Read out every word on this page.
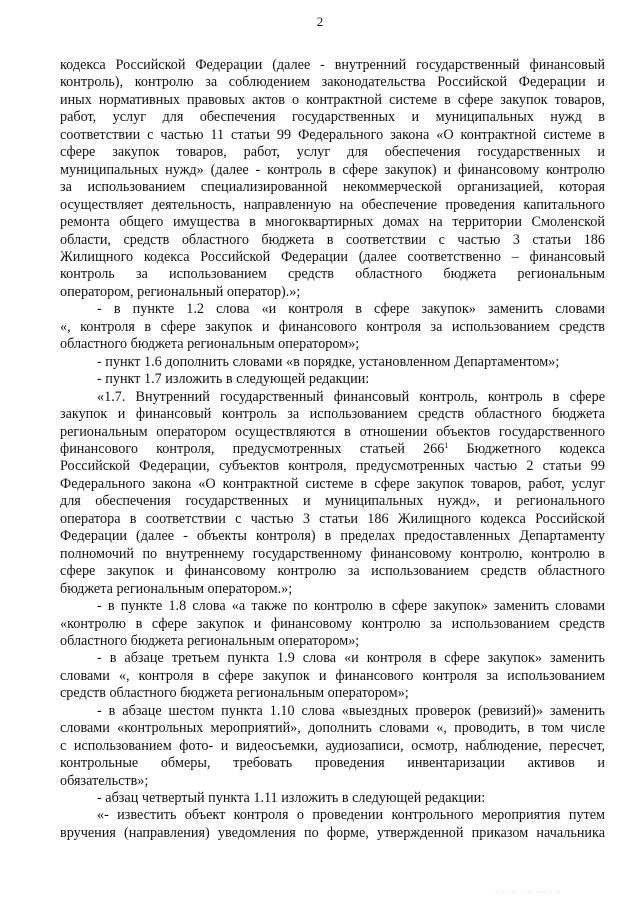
2

кодекса Российской Федерации (далее - внутренний государственный финансовый

контроль), контролю за соблюдением законодательства Российской Федерации и

иных нормативных правовых актов о контрактной системе в сфере закупок товаров,

работ, услуг для обеспечения государственных и муниципальных нужд в

соответствии с частью 11 статьи 99 Федерального закона «О контрактной системе в

сфере закупок товаров, работ, услуг для обеспечения государственных и

муниципальных нужд» (далее - контроль в сфере закупок) и финансовому контролю

за использованием специализированной некоммерческой организацией, которая

осуществляет деятельность, направленную на обеспечение проведения капитального

ремонта общего имущества в многоквартирных домах на территории Смоленской

области, средств областного бюджета в соответствии с частью 3 статьи 186

Жилищного кодекса Российской Федерации (далее соответственно – финансовый

контроль за использованием средств областного бюджета региональным

оператором, региональный оператор).»;

- в пункте 1.2 слова «и контроля в сфере закупок» заменить словами

«, контроля в сфере закупок и финансового контроля за использованием средств

областного бюджета региональным оператором»;

- пункт 1.6 дополнить словами «в порядке, установленном Департаментом»;

- пункт 1.7 изложить в следующей редакции:

«1.7. Внутренний государственный финансовый контроль, контроль в сфере

закупок и финансовый контроль за использованием средств областного бюджета

региональным оператором осуществляются в отношении объектов государственного

финансового контроля, предусмотренных статьей $266^1$ Бюджетного кодекса

Российской Федерации, субъектов контроля, предусмотренных частью 2 статьи 99

Федерального закона «О контрактной системе в сфере закупок товаров, работ, услуг

для обеспечения государственных и муниципальных нужд», и регионального

оператора в соответствии с частью 3 статьи 186 Жилищного кодекса Российской

Федерации (далее - объекты контроля) в пределах предоставленных Департаменту

полномочий по внутреннему государственному финансовому контролю, контролю в

сфере закупок и финансовому контролю за использованием средств областного

бюджета региональным оператором.»;

- в пункте 1.8 слова «а также по контролю в сфере закупок» заменить словами

«контролю в сфере закупок и финансовому контролю за использованием средств

областного бюджета региональным оператором»;

- в абзаце третьем пункта 1.9 слова «и контроля в сфере закупок» заменить

словами «, контроля в сфере закупок и финансового контроля за использованием

средств областного бюджета региональным оператором»;

- в абзаце шестом пункта 1.10 слова «выездных проверок (ревизий)» заменить

словами «контрольных мероприятий», дополнить словами «, проводить, в том числе

с использованием фото- и видеосъемки, аудиозаписи, осмотр, наблюдение, пересчет,

контрольные обмеры, требовать проведения инвентаризации активов и

обязательств»;

- абзац четвертый пункта 1.11 изложить в следующей редакции:

«- известить объект контроля о проведении контрольного мероприятия путем

вручения (направления) уведомления по форме, утвержденной приказом начальника

· · · ··· · ·· ··· · ··
